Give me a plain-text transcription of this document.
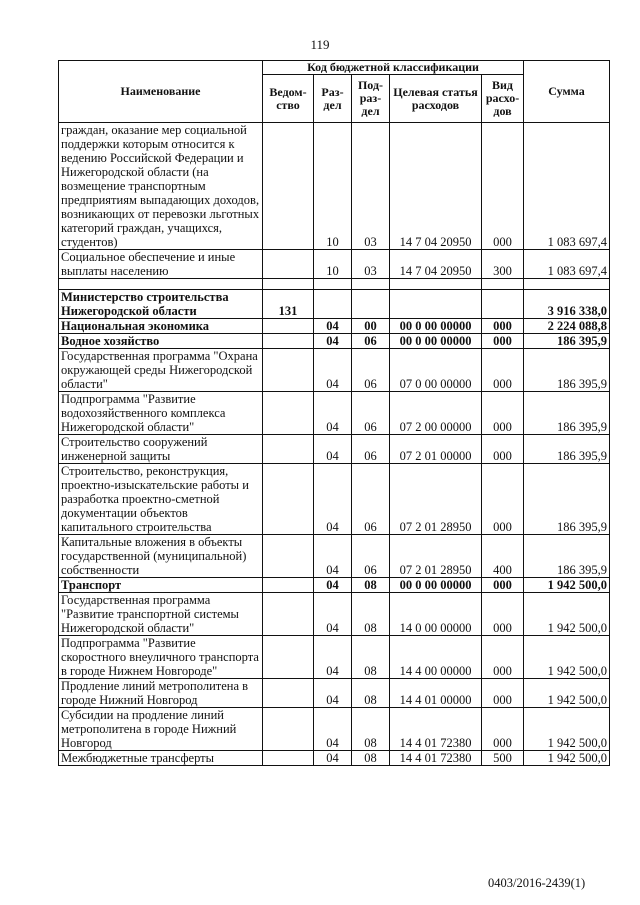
119
Наименование	Код бюджетной классификации					Сумма
	Ведом-ство	Раз-дел	Под-раз-дел	Целевая статья расходов	Вид расхо-дов	
граждан, оказание мер социальной поддержки которым относится к ведению Российской Федерации и Нижегородской области (на возмещение транспортным предприятиям выпадающих доходов, возникающих от перевозки льготных категорий граждан, учащихся, студентов)		10	03	14 7 04 20950	000	1 083 697,4
Социальное обеспечение и иные выплаты населению		10	03	14 7 04 20950	300	1 083 697,4

Министерство строительства Нижегородской области	131					3 916 338,0
Национальная экономика		04	00	00 0 00 00000	000	2 224 088,8
Водное хозяйство		04	06	00 0 00 00000	000	186 395,9
Государственная программа "Охрана окружающей среды Нижегородской области"		04	06	07 0 00 00000	000	186 395,9
Подпрограмма "Развитие водохозяйственного комплекса Нижегородской области"		04	06	07 2 00 00000	000	186 395,9
Строительство сооружений инженерной защиты		04	06	07 2 01 00000	000	186 395,9
Строительство, реконструкция, проектно-изыскательские работы и разработка проектно-сметной документации объектов капитального строительства		04	06	07 2 01 28950	000	186 395,9
Капитальные вложения в объекты государственной (муниципальной) собственности		04	06	07 2 01 28950	400	186 395,9
Транспорт		04	08	00 0 00 00000	000	1 942 500,0
Государственная программа "Развитие транспортной системы Нижегородской области"		04	08	14 0 00 00000	000	1 942 500,0
Подпрограмма "Развитие скоростного внеуличного транспорта в городе Нижнем Новгороде"		04	08	14 4 00 00000	000	1 942 500,0
Продление линий метрополитена в городе Нижний Новгород		04	08	14 4 01 00000	000	1 942 500,0
Субсидии на продление линий метрополитена в городе Нижний Новгород		04	08	14 4 01 72380	000	1 942 500,0
Межбюджетные трансферты		04	08	14 4 01 72380	500	1 942 500,0
0403/2016-2439(1)
